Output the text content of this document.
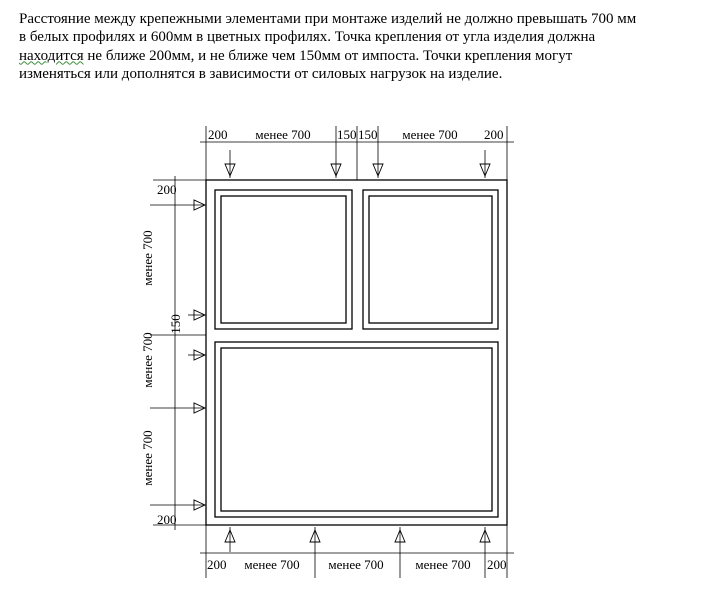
Расстояние между крепежными элементами при монтаже изделий не должно превышать 700 мм
в белых профилях и 600мм в цветных профилях. Точка крепления от угла изделия должна
находится не ближе 200мм, и не ближе чем 150мм от импоста. Точки крепления могут
изменяться или дополнятся в зависимости от силовых нагрузок на изделие.

200 менее 700 150 150 менее 700 200
200
менее 700
150
менее 700
менее 700
200
200 менее 700 менее 700 менее 700 200
